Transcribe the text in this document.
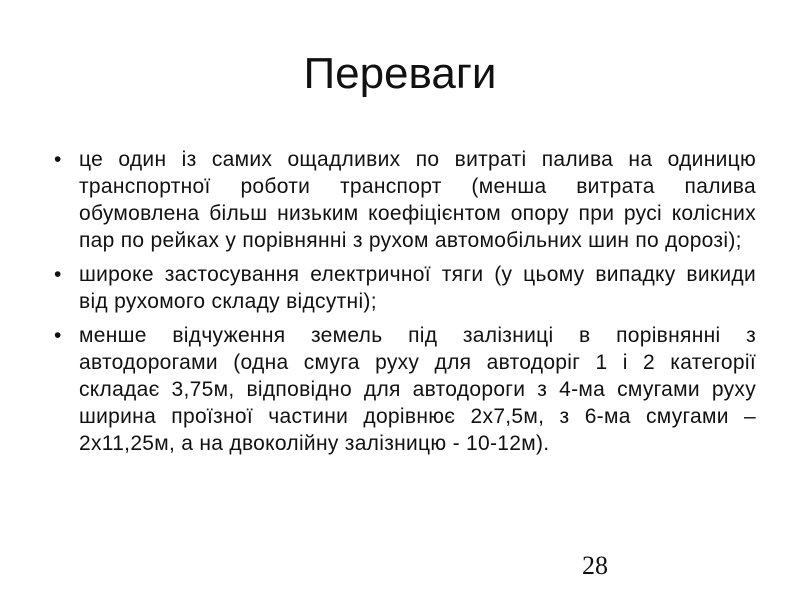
Переваги
• це один із самих ощадливих по витраті палива на одиницю транспортної роботи транспорт (менша витрата палива обумовлена більш низьким коефіцієнтом опору при русі колісних пар по рейках у порівнянні з рухом автомобільних шин по дорозі);
• широке застосування електричної тяги (у цьому випадку викиди від рухомого складу відсутні);
• менше відчуження земель під залізниці в порівнянні з автодорогами (одна смуга руху для автодоріг 1 і 2 категорії складає 3,75м, відповідно для автодороги з 4-ма смугами руху ширина проїзної частини дорівнює 2х7,5м, з 6-ма смугами – 2х11,25м, а на двоколійну залізницю - 10-12м).
28
